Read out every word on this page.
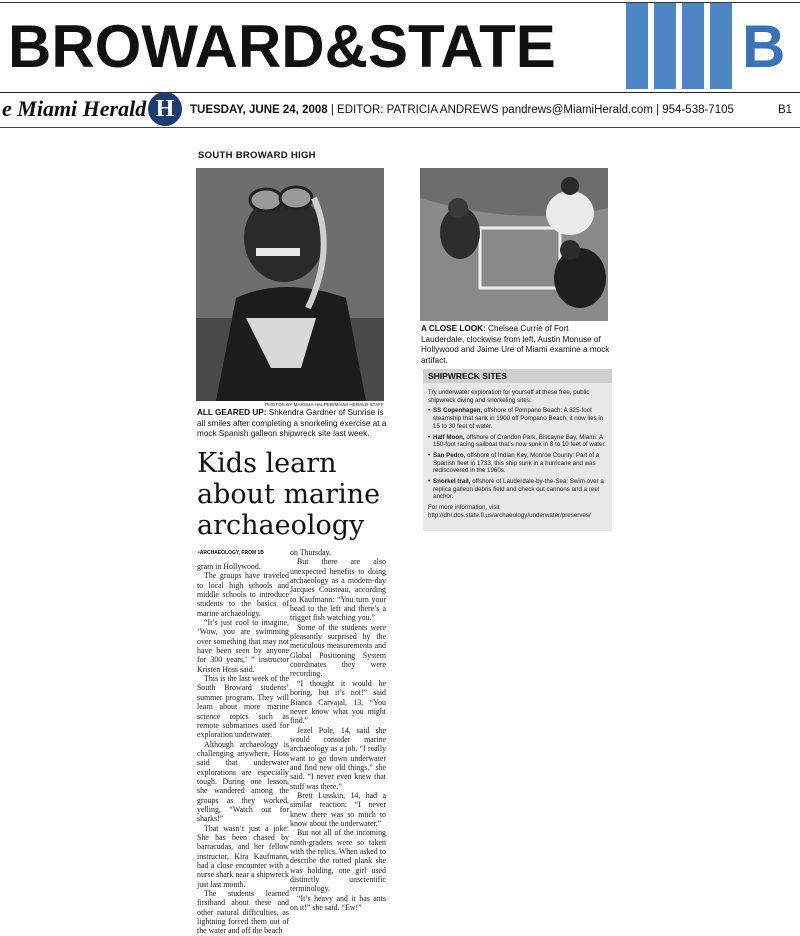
BROWARD&STATE	B
e Miami Herald H	TUESDAY, JUNE 24, 2008 | EDITOR: PATRICIA ANDREWS pandrews@MiamiHerald.com | 954-538-7105	B1
SOUTH BROWARD HIGH
PHOTOS BY MARSHA HALPER/MIAMI HERALD STAFF
ALL GEARED UP: Shkendra Gardner of Sunrise is all smiles after completing a snorkeling exercise at a mock Spanish galleon shipwreck site last week.
A CLOSE LOOK: Chelsea Currie of Fort Lauderdale, clockwise from left, Austin Monuse of Hollywood and Jaime Ure of Miami examine a mock artifact.
Kids learn about marine archaeology
•ARCHAEOLOGY, FROM 1B

gram in Hollywood.

The groups have traveled to local high schools and middle schools to introduce students to the basics of marine archaeology.

“It’s just cool to imagine, ‘Wow, you are swimming over something that may not have been seen by anyone for 300 years,’ ” instructor Kristen Hoss said.

This is the last week of the South Broward students’ summer program. They will learn about more marine science topics such as remote submarines used for exploration underwater.

Although archaeology is challenging anywhere, Hoss said that underwater explorations are especially tough. During one lesson, she wandered among the groups as they worked, yelling, “Watch out for sharks!”

That wasn’t just a joke: She has been chased by barracudas, and her fellow instructor, Kira Kaufmann, had a close encounter with a nurse shark near a shipwreck just last month.

The students learned firsthand about these and other natural difficulties, as lightning forced them out of the water and off the beach

on Thursday.

But there are also unexpected benefits to doing archaeology as a modern-day Jacques Cousteau, according to Kaufmann: “You turn your head to the left and there’s a trigger fish watching you.”

Some of the students were pleasantly surprised by the meticulous measurements and Global Positioning System coordinates they were recording.

“I thought it would be boring, but it’s not!” said Bianca Carvajal, 13. “You never know what you might find.”

Jezel Pole, 14, said she would consider marine archaeology as a job. “I really want to go down underwater and find new old things,” she said. “I never even knew that stuff was there.”

Brett Lusskin, 14, had a similar reaction: “I never knew there was so much to know about the underwater.”

But not all of the incoming ninth-graders were so taken with the relics. When asked to describe the rotted plank she was holding, one girl used distinctly unscientific terminology.

“It’s heavy and it has ants on it!” she said. “Ew!”

SHIPWRECK SITES

Try underwater exploration for yourself at these free, public shipwreck diving and snorkeling sites:

• SS Copenhagen, offshore of Pompano Beach: A 325-foot steamship that sank in 1900 off Pompano Beach, it now lies in 15 to 30 feet of water.

• Half Moon, offshore of Crandon Park, Biscayne Bay, Miami: A 150-foot racing sailboat that’s now sunk in 8 to 10 feet of water.

• San Pedro, offshore of Indian Key, Monroe County: Part of a Spanish fleet in 1733, this ship sunk in a hurricane and was rediscovered in the 1960s.

• Snorkel trail, offshore of Lauderdale-by-the-Sea: Swim over a replica galleon debris field and check out cannons and a reel anchor.

For more information, visit http://dhr.dos.state.fl.us/archaeology/underwater/preserves/
